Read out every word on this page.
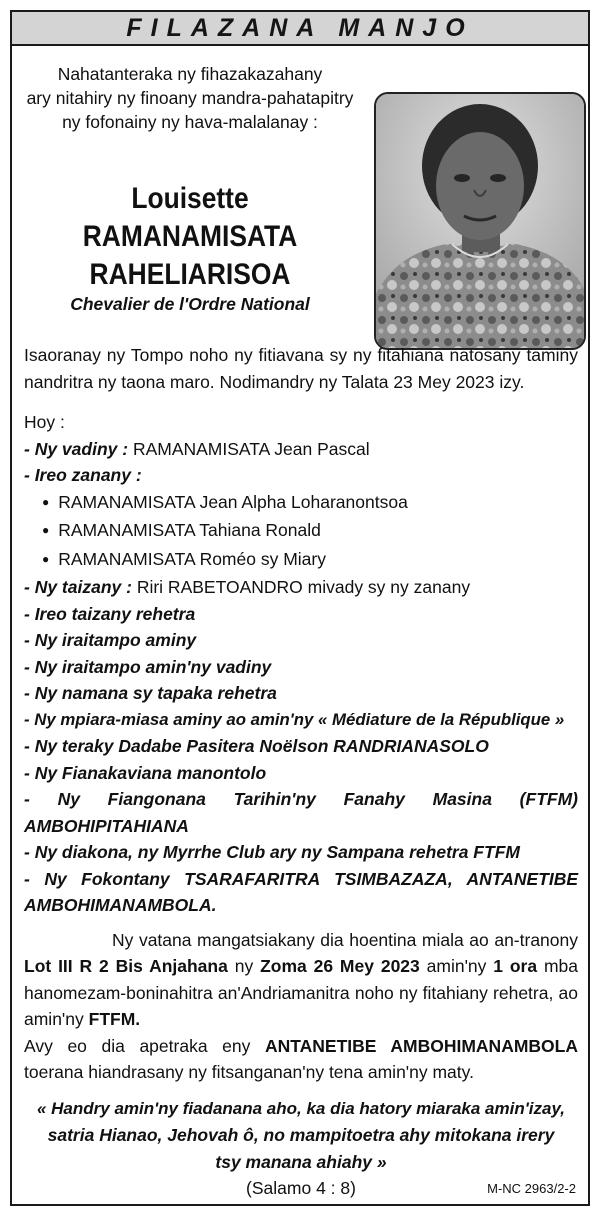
FILAZANA MANJO
Nahatanteraka ny fihazakazahany
ary nitahiry ny finoany mandra-pahatapitry
ny fofonainy ny hava-malalanay :
Louisette
RAMANAMISATA
RAHELIARISOA
Chevalier de l'Ordre National

Isaoranay ny Tompo noho ny fitiavana sy ny fitahiana natosany taminy nandritra ny taona maro. Nodimandry ny Talata 23 Mey 2023 izy.

Hoy :

- Ny vadiny : RAMANAMISATA Jean Pascal

- Ireo zanany :

● RAMANAMISATA Jean Alpha Loharanontsoa

● RAMANAMISATA Tahiana Ronald

● RAMANAMISATA Roméo sy Miary

- Ny taizany : Riri RABETOANDRO mivady sy ny zanany

- Ireo taizany rehetra

- Ny iraitampo aminy

- Ny iraitampo amin'ny vadiny

- Ny namana sy tapaka rehetra

- Ny mpiara-miasa aminy ao amin'ny « Médiature de la République »

- Ny teraky Dadabe Pasitera Noëlson RANDRIANASOLO

- Ny Fianakaviana manontolo

- Ny Fiangonana Tarihin'ny Fanahy Masina (FTFM) AMBOHIPITAHIANA

- Ny diakona, ny Myrrhe Club ary ny Sampana rehetra FTFM

- Ny Fokontany TSARAFARITRA TSIMBAZAZA, ANTANETIBE AMBOHIMANAMBOLA.

Ny vatana mangatsiakany dia hoentina miala ao an-tranony Lot III R 2 Bis Anjahana ny Zoma 26 Mey 2023 amin'ny 1 ora mba hanomezam-boninahitra an'Andriamanitra noho ny fitahiany rehetra, ao amin'ny FTFM.

Avy eo dia apetraka eny ANTANETIBE AMBOHIMANAMBOLA toerana hiandrasany ny fitsanganan'ny tena amin'ny maty.

« Handry amin'ny fiadanana aho, ka dia hatory miaraka amin'izay,

satria Hianao, Jehovah ô, no mampitoetra ahy mitokana irery

tsy manana ahiahy »

(Salamo 4 : 8)	M-NC 2963/2-2
